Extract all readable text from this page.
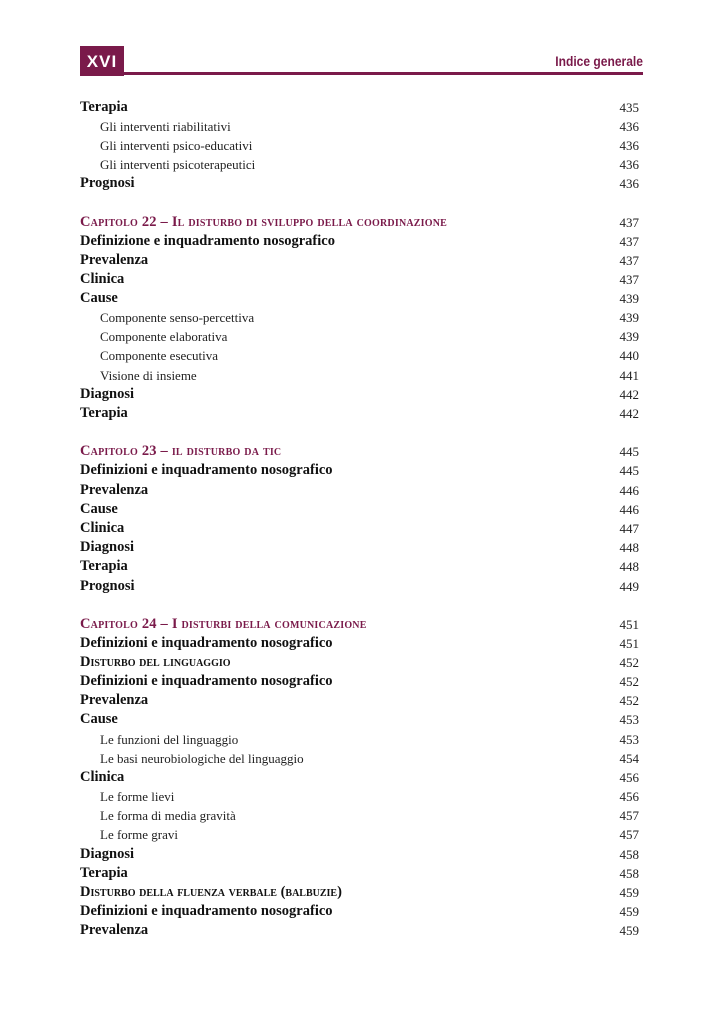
XVI	Indice generale
Terapia	435
Gli interventi riabilitativi	436
Gli interventi psico-educativi	436
Gli interventi psicoterapeutici	436
Prognosi	436
Capitolo 22 – Il disturbo di sviluppo della coordinazione	437
Definizione e inquadramento nosografico	437
Prevalenza	437
Clinica	437
Cause	439
Componente senso-percettiva	439
Componente elaborativa	439
Componente esecutiva	440
Visione di insieme	441
Diagnosi	442
Terapia	442
Capitolo 23 – il disturbo da tic	445
Definizioni e inquadramento nosografico	445
Prevalenza	446
Cause	446
Clinica	447
Diagnosi	448
Terapia	448
Prognosi	449
Capitolo 24 – I disturbi della comunicazione	451
Definizioni e inquadramento nosografico	451
Disturbo del linguaggio	452
Definizioni e inquadramento nosografico	452
Prevalenza	452
Cause	453
Le funzioni del linguaggio	453
Le basi neurobiologiche del linguaggio	454
Clinica	456
Le forme lievi	456
Le forma di media gravità	457
Le forme gravi	457
Diagnosi	458
Terapia	458
Disturbo della fluenza verbale (balbuzie)	459
Definizioni e inquadramento nosografico	459
Prevalenza	459
